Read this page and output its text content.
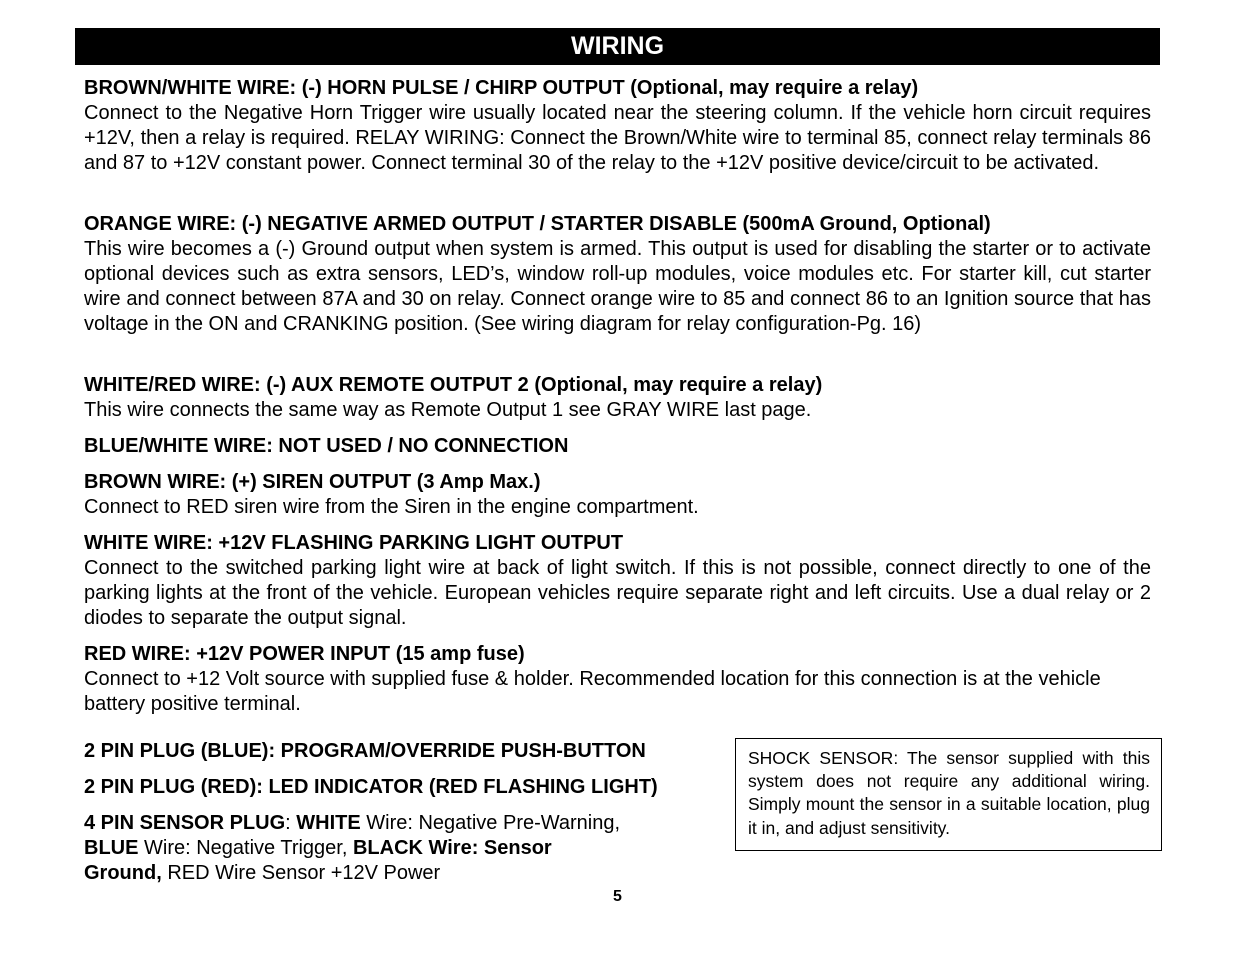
WIRING
BROWN/WHITE WIRE: (-) HORN PULSE / CHIRP OUTPUT (Optional, may require a relay)
Connect to the Negative Horn Trigger wire usually located near the steering column. If the vehicle horn circuit requires +12V, then a relay is required. RELAY WIRING: Connect the Brown/White wire to terminal 85, connect relay terminals 86 and 87 to +12V constant power. Connect terminal 30 of the relay to the +12V positive device/circuit to be activated.
ORANGE WIRE: (-) NEGATIVE ARMED OUTPUT / STARTER DISABLE (500mA Ground, Optional)
This wire becomes a (-) Ground output when system is armed. This output is used for disabling the starter or to activate optional devices such as extra sensors, LED’s, window roll-up modules, voice modules etc. For starter kill, cut starter wire and connect between 87A and 30 on relay. Connect orange wire to 85 and connect 86 to an Ignition source that has voltage in the ON and CRANKING position. (See wiring diagram for relay configuration-Pg. 16)
WHITE/RED WIRE: (-) AUX REMOTE OUTPUT 2 (Optional, may require a relay)
This wire connects the same way as Remote Output 1 see GRAY WIRE last page.
BLUE/WHITE WIRE: NOT USED / NO CONNECTION
BROWN WIRE: (+) SIREN OUTPUT (3 Amp Max.)
Connect to RED siren wire from the Siren in the engine compartment.
WHITE WIRE: +12V FLASHING PARKING LIGHT OUTPUT
Connect to the switched parking light wire at back of light switch. If this is not possible, connect directly to one of the parking lights at the front of the vehicle. European vehicles require separate right and left circuits. Use a dual relay or 2 diodes to separate the output signal.
RED WIRE: +12V POWER INPUT (15 amp fuse)
Connect to +12 Volt source with supplied fuse & holder. Recommended location for this connection is at the vehicle battery positive terminal.
2 PIN PLUG (BLUE): PROGRAM/OVERRIDE PUSH-BUTTON
2 PIN PLUG (RED): LED INDICATOR (RED FLASHING LIGHT)
4 PIN SENSOR PLUG: WHITE Wire: Negative Pre-Warning,
BLUE Wire: Negative Trigger, BLACK Wire: Sensor
Ground, RED Wire Sensor +12V Power
SHOCK SENSOR: The sensor supplied with this system does not require any additional wiring. Simply mount the sensor in a suitable location, plug it in, and adjust sensitivity.
5
